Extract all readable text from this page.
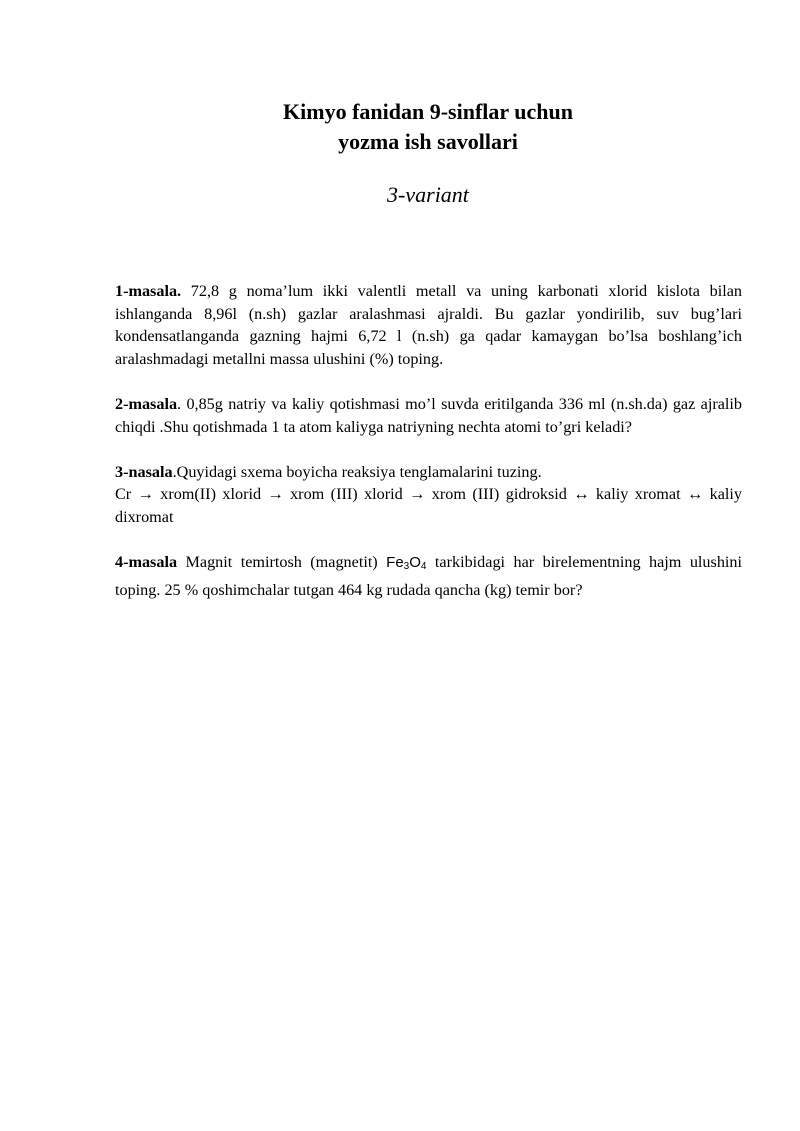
Kimyo fanidan 9-sinflar uchun
yozma ish savollari
3-variant

1-masala. 72,8 g noma’lum ikki valentli metall va uning karbonati xlorid kislota bilan ishlanganda 8,96l (n.sh) gazlar aralashmasi ajraldi. Bu gazlar yondirilib, suv bug’lari kondensatlanganda gazning hajmi 6,72 l (n.sh) ga qadar kamaygan bo’lsa boshlang’ich aralashmadagi metallni massa ulushini (%) toping.

2-masala. 0,85g natriy va kaliy qotishmasi mo’l suvda eritilganda 336 ml (n.sh.da) gaz ajralib chiqdi .Shu qotishmada 1 ta atom kaliyga natriyning nechta atomi to’gri keladi?

3-nasala.Quyidagi sxema boyicha reaksiya tenglamalarini tuzing.
Cr → xrom(II) xlorid → xrom (III) xlorid → xrom (III) gidroksid ↔ kaliy xromat ↔ kaliy dixromat

4-masala Magnit temirtosh (magnetit) $Fe_3O_4$ tarkibidagi har birelementning hajm ulushini toping. 25 % qoshimchalar tutgan 464 kg rudada qancha (kg) temir bor?
